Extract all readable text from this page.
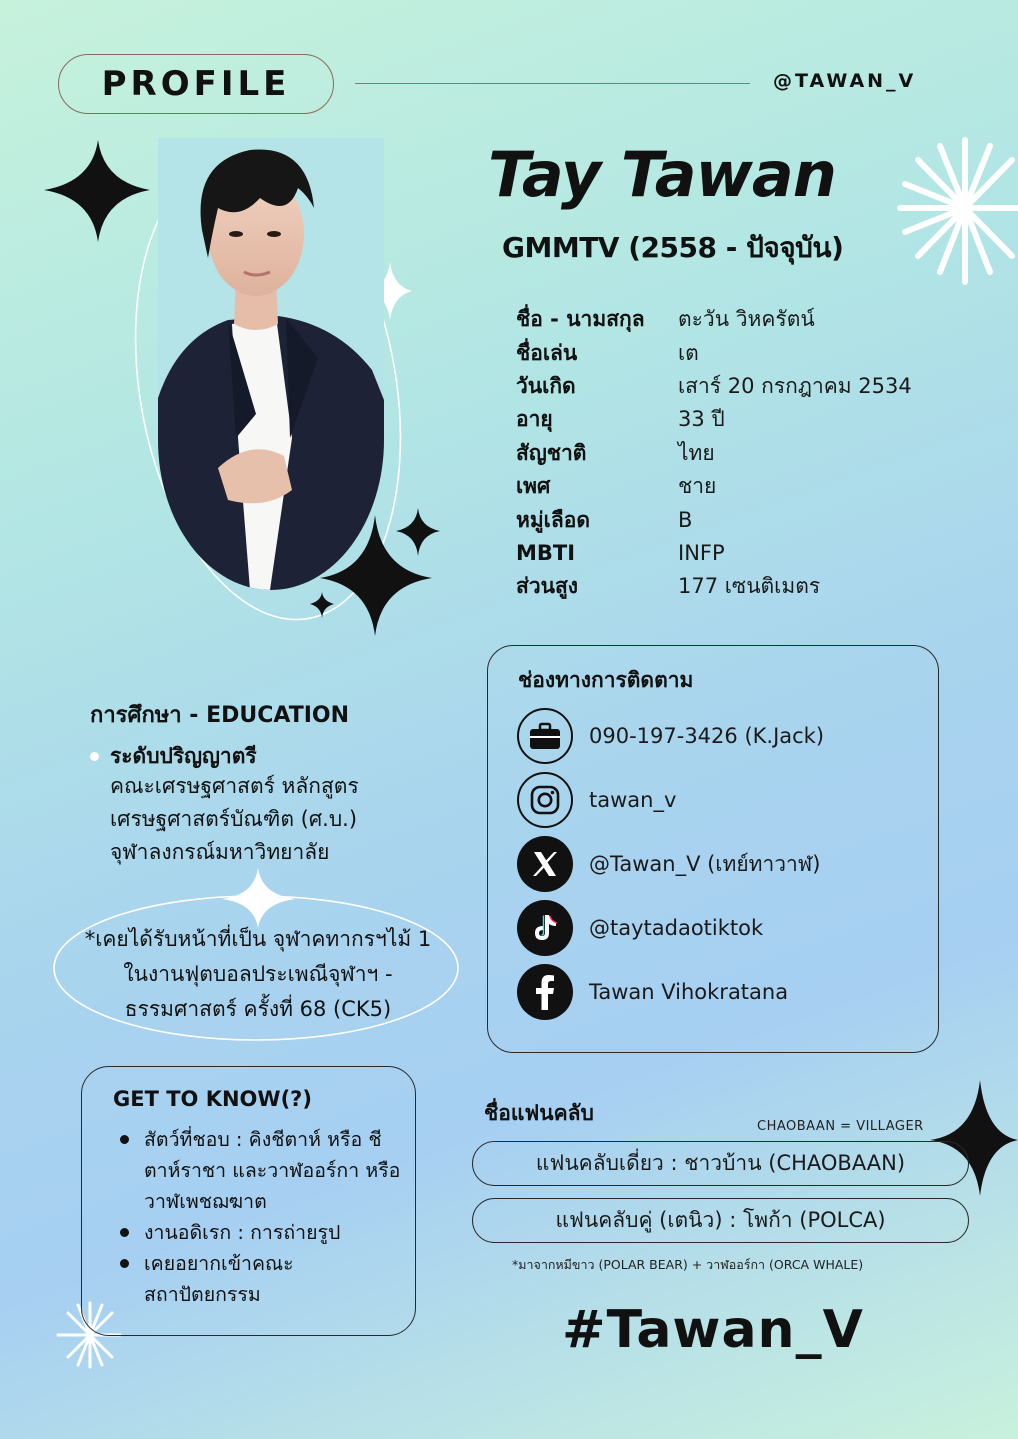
PROFILE	@TAWAN_V
Tay Tawan
GMMTV (2558 - ปัจจุบัน)
ชื่อ - นามสกุล	ตะวัน วิหครัตน์
ชื่อเล่น	เต
วันเกิด	เสาร์ 20 กรกฎาคม 2534
อายุ	33 ปี
สัญชาติ	ไทย
เพศ	ชาย
หมู่เลือด	B
MBTI	INFP
ส่วนสูง	177 เซนติเมตร
ช่องทางการติดตาม
090-197-3426 (K.Jack)
tawan_v
@Tawan_V (เทย์ทาวาฬ)
@taytadaotiktok
Tawan Vihokratana
การศึกษา - EDUCATION
ระดับปริญญาตรี
คณะเศรษฐศาสตร์ หลักสูตร
เศรษฐศาสตร์บัณฑิต (ศ.บ.)
จุฬาลงกรณ์มหาวิทยาลัย
*เคยได้รับหน้าที่เป็น จุฬาคทากรฯไม้ 1
ในงานฟุตบอลประเพณีจุฬาฯ -
ธรรมศาสตร์ ครั้งที่ 68 (CK5)
GET TO KNOW(?)
สัตว์ที่ชอบ : คิงชีตาห์ หรือ ชีตาห์ราชา และวาฬออร์กา หรือ วาฬเพชฌฆาต
งานอดิเรก : การถ่ายรูป
เคยอยากเข้าคณะ สถาปัตยกรรม
ชื่อแฟนคลับ
CHAOBAAN = VILLAGER
แฟนคลับเดี่ยว : ชาวบ้าน (CHAOBAAN)
แฟนคลับคู่ (เตนิว) : โพก้า (POLCA)
*มาจากหมีขาว (POLAR BEAR) + วาฬออร์กา (ORCA WHALE)
#Tawan_V
